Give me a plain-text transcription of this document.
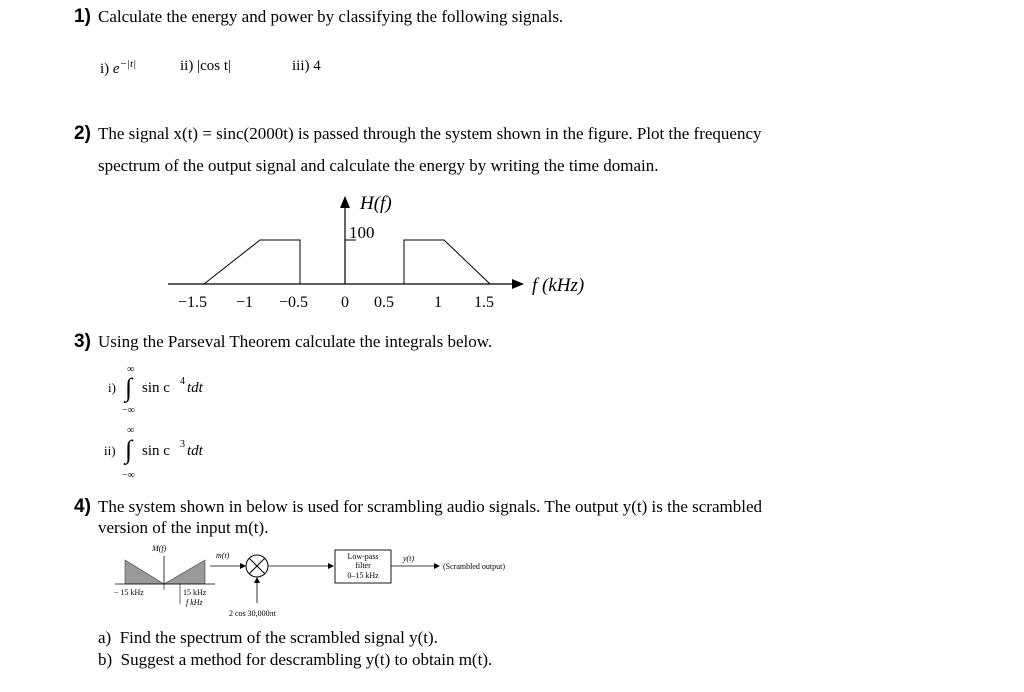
1) Calculate the energy and power by classifying the following signals.
i) $e^{-|t|}$	ii) |cos t|	iii) 4
2) The signal x(t) = sinc(2000t) is passed through the system shown in the figure. Plot the frequency
spectrum of the output signal and calculate the energy by writing the time domain.
H(f)
100
f (kHz)
−1.5 −1 −0.5 0 0.5	1 1.5
3) Using the Parseval Theorem calculate the integrals below.
i)
∞
∫
−∞
sin c 4 tdt
ii)
∞
∫
−∞
sin c 3 tdt
4) The system shown in below is used for scrambling audio signals. The output y(t) is the scrambled
version of the input m(t).
M(f)
− 15 kHz	15 kHz
f kHz
m(t)
2 cos 30,000πt
Low-pass
filter
0–15 kHz
y(t)
(Scrambled output)
a) Find the spectrum of the scrambled signal y(t).
b) Suggest a method for descrambling y(t) to obtain m(t).
